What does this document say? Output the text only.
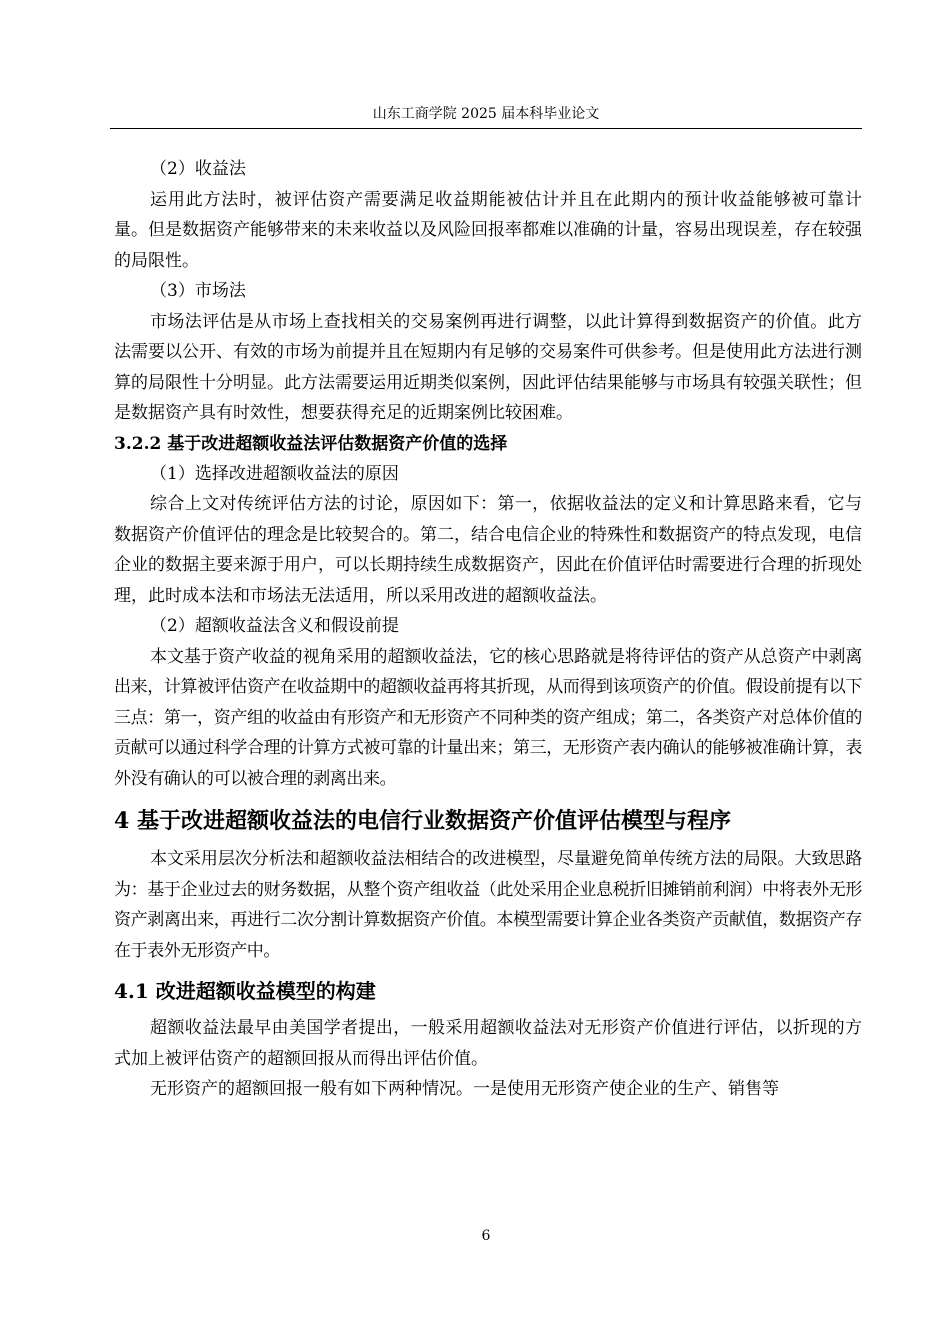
山东工商学院 2025 届本科毕业论文

（2）收益法

运用此方法时，被评估资产需要满足收益期能被估计并且在此期内的预计收益能够被可靠计量。但是数据资产能够带来的未来收益以及风险回报率都难以准确的计量，容易出现误差，存在较强的局限性。

（3）市场法

市场法评估是从市场上查找相关的交易案例再进行调整，以此计算得到数据资产的价值。此方法需要以公开、有效的市场为前提并且在短期内有足够的交易案件可供参考。但是使用此方法进行测算的局限性十分明显。此方法需要运用近期类似案例，因此评估结果能够与市场具有较强关联性；但是数据资产具有时效性，想要获得充足的近期案例比较困难。

3.2.2 基于改进超额收益法评估数据资产价值的选择

（1）选择改进超额收益法的原因

综合上文对传统评估方法的讨论，原因如下：第一，依据收益法的定义和计算思路来看，它与数据资产价值评估的理念是比较契合的。第二，结合电信企业的特殊性和数据资产的特点发现，电信企业的数据主要来源于用户，可以长期持续生成数据资产，因此在价值评估时需要进行合理的折现处理，此时成本法和市场法无法适用，所以采用改进的超额收益法。

（2）超额收益法含义和假设前提

本文基于资产收益的视角采用的超额收益法，它的核心思路就是将待评估的资产从总资产中剥离出来，计算被评估资产在收益期中的超额收益再将其折现，从而得到该项资产的价值。假设前提有以下三点：第一，资产组的收益由有形资产和无形资产不同种类的资产组成；第二，各类资产对总体价值的贡献可以通过科学合理的计算方式被可靠的计量出来；第三，无形资产表内确认的能够被准确计算，表外没有确认的可以被合理的剥离出来。

4 基于改进超额收益法的电信行业数据资产价值评估模型与程序

本文采用层次分析法和超额收益法相结合的改进模型，尽量避免简单传统方法的局限。大致思路为：基于企业过去的财务数据，从整个资产组收益（此处采用企业息税折旧摊销前利润）中将表外无形资产剥离出来，再进行二次分割计算数据资产价值。本模型需要计算企业各类资产贡献值，数据资产存在于表外无形资产中。

4.1 改进超额收益模型的构建

超额收益法最早由美国学者提出，一般采用超额收益法对无形资产价值进行评估，以折现的方式加上被评估资产的超额回报从而得出评估价值。

无形资产的超额回报一般有如下两种情况。一是使用无形资产使企业的生产、销售等

6
